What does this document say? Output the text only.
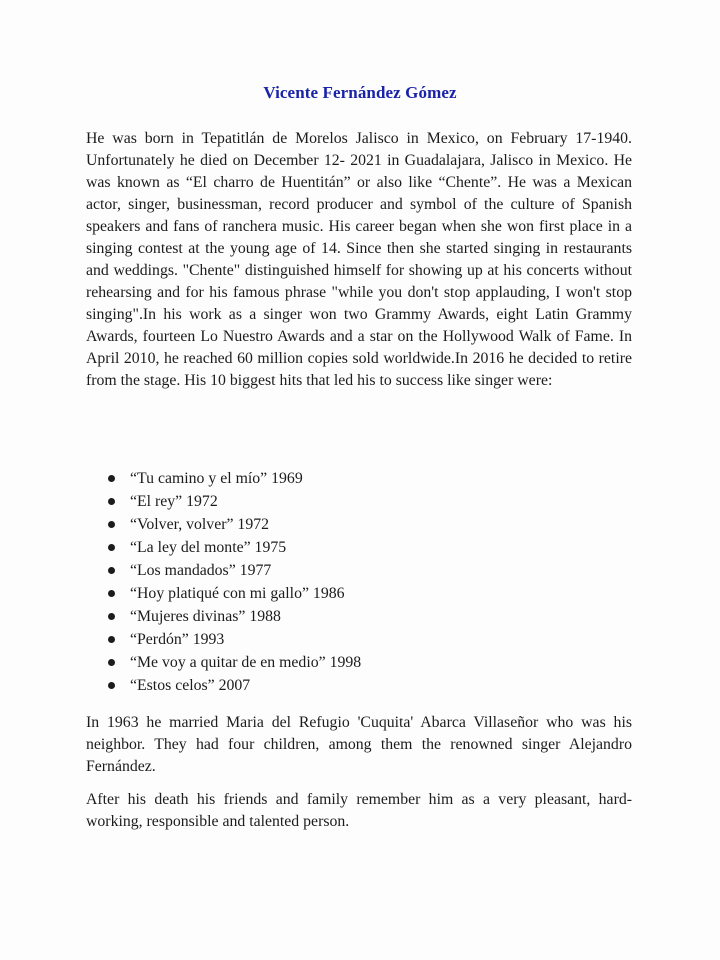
Vicente Fernández Gómez

He was born in Tepatitlán de Morelos Jalisco in Mexico, on February 17-1940. Unfortunately he died on December 12- 2021 in Guadalajara, Jalisco in Mexico. He was known as “El charro de Huentitán” or also like “Chente”. He was a Mexican actor, singer, businessman, record producer and symbol of the culture of Spanish speakers and fans of ranchera music. His career began when she won first place in a singing contest at the young age of 14. Since then she started singing in restaurants and weddings. "Chente" distinguished himself for showing up at his concerts without rehearsing and for his famous phrase "while you don't stop applauding, I won't stop singing".In his work as a singer won two Grammy Awards, eight Latin Grammy Awards, fourteen Lo Nuestro Awards and a star on the Hollywood Walk of Fame. In April 2010, he reached 60 million copies sold worldwide.In 2016 he decided to retire from the stage. His 10 biggest hits that led his to success like singer were:

“Tu camino y el mío” 1969
“El rey” 1972
“Volver, volver” 1972
“La ley del monte” 1975
“Los mandados” 1977
“Hoy platiqué con mi gallo” 1986
“Mujeres divinas” 1988
“Perdón” 1993
“Me voy a quitar de en medio” 1998
“Estos celos” 2007

In 1963 he married Maria del Refugio 'Cuquita' Abarca Villaseñor who was his neighbor. They had four children, among them the renowned singer Alejandro Fernández.

After his death his friends and family remember him as a very pleasant, hard-working, responsible and talented person.
